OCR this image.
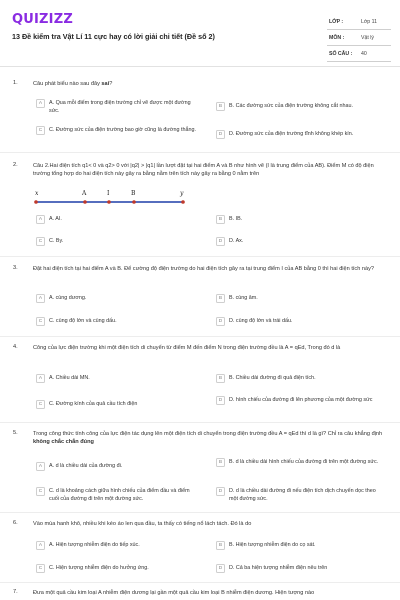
QUIZIZZ
13 Đề kiểm tra Vật Lí 11 cực hay có lời giải chi tiết (Đề số 2)
LỚP :	Lớp 11
MÔN :	Vật lý
SỐ CÂU : 40
1.	Câu phát biểu nào sau đây sai?
A	A. Qua mỗi điểm trong điện trường chỉ vẽ được một đường sức.
B	B. Các đường sức của điện trường không cắt nhau.
C	C. Đường sức của điện trường bao giờ cũng là đường thẳng.
D	D. Đường sức của điện trường tĩnh không khép kín.
2.	Câu 2.Hai điện tích q1< 0 và q2> 0 với |q2| > |q1| lần lượt đặt tại hai điểm A và B như hình vẽ (I là trung điểm của AB). Điểm M có độ điện trường tổng hợp do hai điện tích này gây ra bằng nằm trên tích này gây ra bằng 0 nằm trên
x	A	I	B	y
A	A. AI.	B	B. IB.
C	C. By.	D	D. Ax.
3.	Đặt hai điện tích tại hai điểm A và B. Để cường độ điện trường do hai điện tích gây ra tại trung điểm I của AB bằng 0 thì hai điện tích này?
A	A. cùng dương.	B	B. cùng âm.
C	C. cùng độ lớn và cùng dấu.	D	D. cùng độ lớn và trái dấu.
4.	Công của lực điện trường khi một điện tích di chuyển từ điểm M đến điểm N trong điện trường đều là A = qEd, Trong đó d là
A	A. Chiều dài MN.	B	B. Chiều dài đường đi quả điện tích.
C	C. Đường kính của quả cầu tích điện
D	D. hình chiếu của đường đi lên phương của một đường sức
5.	Trong công thức tính công của lực điện tác dụng lên một điện tích di chuyển trong điện trường đều A = qEd thì d là gì? Chỉ ra câu khẳng định không chắc chắn đúng
A	A. d là chiều dài của đường đi.
B	B. d là chiều dài hình chiếu của đường đi trên một đường sức.
C	C. d là khoảng cách giữa hình chiếu của điểm đầu và điểm cuối của đường đi trên một đường sức.
D	D. d là chiều dài đường đi nếu điện tích dịch chuyển dọc theo một đường sức.
6.	Vào mùa hanh khô, nhiều khi kéo áo len qua đầu, ta thấy có tiếng nổ lách tách. Đó là do
A	A. Hiện tượng nhiễm điện do tiếp xúc.	B	B. Hiện tượng nhiễm điện do cọ sát.
C	C. Hiện tượng nhiễm điện do hưởng ứng.	D	D. Cả ba hiện tượng nhiễm điện nêu trên
7.	Đưa một quả cầu kim loại A nhiễm điện dương lại gần một quả cầu kim loại B nhiễm điện dương. Hiện tượng nào
